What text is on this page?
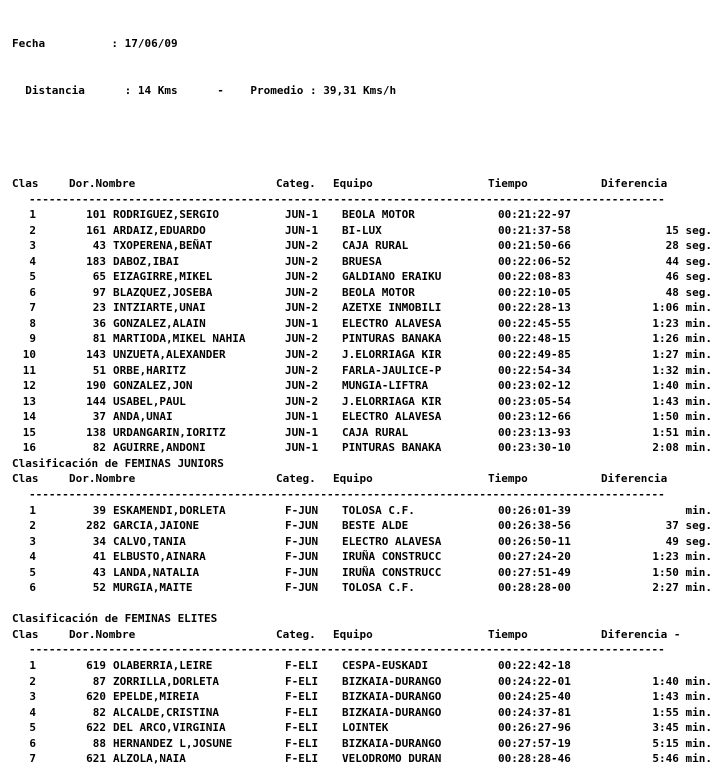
Fecha          : 17/06/09

Distancia      : 14 Kms      -    Promedio : 39,31 Kms/h

Clas	Dor.Nombre	Categ. Equipo	Tiempo	Diferencia
------------------------------------------------------------------------------------------------
1	101 RODRIGUEZ,SERGIO	JUN-1 BEOLA MOTOR	00:21:22-97
2	161 ARDAIZ,EDUARDO	JUN-1 BI-LUX	00:21:37-58	15 seg.
3	43 TXOPERENA,BEÑAT	JUN-2 CAJA RURAL	00:21:50-66	28 seg.
4	183 DABOZ,IBAI	JUN-2 BRUESA	00:22:06-52	44 seg.
5	65 EIZAGIRRE,MIKEL	JUN-2 GALDIANO ERAIKU	00:22:08-83	46 seg.
6	97 BLAZQUEZ,JOSEBA	JUN-2 BEOLA MOTOR	00:22:10-05	48 seg.
7	23 INTZIARTE,UNAI	JUN-2 AZETXE INMOBILI	00:22:28-13	1:06 min.
8	36 GONZALEZ,ALAIN	JUN-1 ELECTRO ALAVESA	00:22:45-55	1:23 min.
9	81 MARTIODA,MIKEL NAHIA	JUN-2 PINTURAS BANAKA	00:22:48-15	1:26 min.
10	143 UNZUETA,ALEXANDER	JUN-2 J.ELORRIAGA KIR	00:22:49-85	1:27 min.
11	51 ORBE,HARITZ	JUN-2 FARLA-JAULICE-P	00:22:54-34	1:32 min.
12	190 GONZALEZ,JON	JUN-2 MUNGIA-LIFTRA	00:23:02-12	1:40 min.
13	144 USABEL,PAUL	JUN-2 J.ELORRIAGA KIR	00:23:05-54	1:43 min.
14	37 ANDA,UNAI	JUN-1 ELECTRO ALAVESA	00:23:12-66	1:50 min.
15	138 URDANGARIN,IORITZ	JUN-1 CAJA RURAL	00:23:13-93	1:51 min.
16	82 AGUIRRE,ANDONI	JUN-1 PINTURAS BANAKA	00:23:30-10	2:08 min.
Clasificación de FEMINAS JUNIORS
Clas	Dor.Nombre	Categ. Equipo	Tiempo	Diferencia
------------------------------------------------------------------------------------------------
1	39 ESKAMENDI,DORLETA	F-JUN TOLOSA C.F.	00:26:01-39	min.
2	282 GARCIA,JAIONE	F-JUN BESTE ALDE	00:26:38-56	37 seg.
3	34 CALVO,TANIA	F-JUN ELECTRO ALAVESA	00:26:50-11	49 seg.
4	41 ELBUSTO,AINARA	F-JUN IRUÑA CONSTRUCC	00:27:24-20	1:23 min.
5	43 LANDA,NATALIA	F-JUN IRUÑA CONSTRUCC	00:27:51-49	1:50 min.
6	52 MURGIA,MAITE	F-JUN TOLOSA C.F.	00:28:28-00	2:27 min.
Clasificación de FEMINAS ELITES
Clas	Dor.Nombre	Categ. Equipo	Tiempo	Diferencia -
------------------------------------------------------------------------------------------------
1	619 OLABERRIA,LEIRE	F-ELI CESPA-EUSKADI	00:22:42-18
2	87 ZORRILLA,DORLETA	F-ELI BIZKAIA-DURANGO	00:24:22-01	1:40 min.
3	620 EPELDE,MIREIA	F-ELI BIZKAIA-DURANGO	00:24:25-40	1:43 min.
4	82 ALCALDE,CRISTINA	F-ELI BIZKAIA-DURANGO	00:24:37-81	1:55 min.
5	622 DEL ARCO,VIRGINIA	F-ELI LOINTEK	00:26:27-96	3:45 min.
6	88 HERNANDEZ L,JOSUNE	F-ELI BIZKAIA-DURANGO	00:27:57-19	5:15 min.
7	621 ALZOLA,NAIA	F-ELI VELODROMO DURAN	00:28:28-46	5:46 min.
